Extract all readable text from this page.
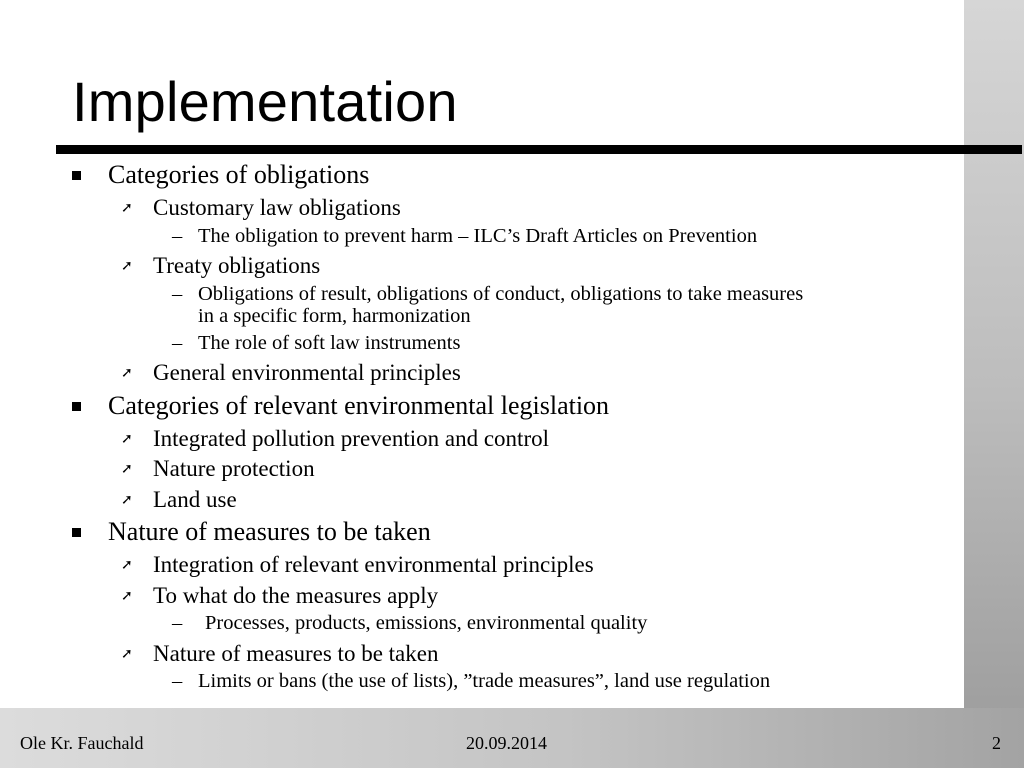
Implementation
Categories of obligations
➚ Customary law obligations
– The obligation to prevent harm – ILC’s Draft Articles on Prevention
➚ Treaty obligations
– Obligations of result, obligations of conduct, obligations to take measures
in a specific form, harmonization
– The role of soft law instruments
➚ General environmental principles
Categories of relevant environmental legislation
➚ Integrated pollution prevention and control
➚ Nature protection
➚ Land use
Nature of measures to be taken
➚ Integration of relevant environmental principles
➚ To what do the measures apply
– Processes, products, emissions, environmental quality
➚ Nature of measures to be taken
– Limits or bans (the use of lists), ”trade measures”, land use regulation
Ole Kr. Fauchald	20.09.2014	2
